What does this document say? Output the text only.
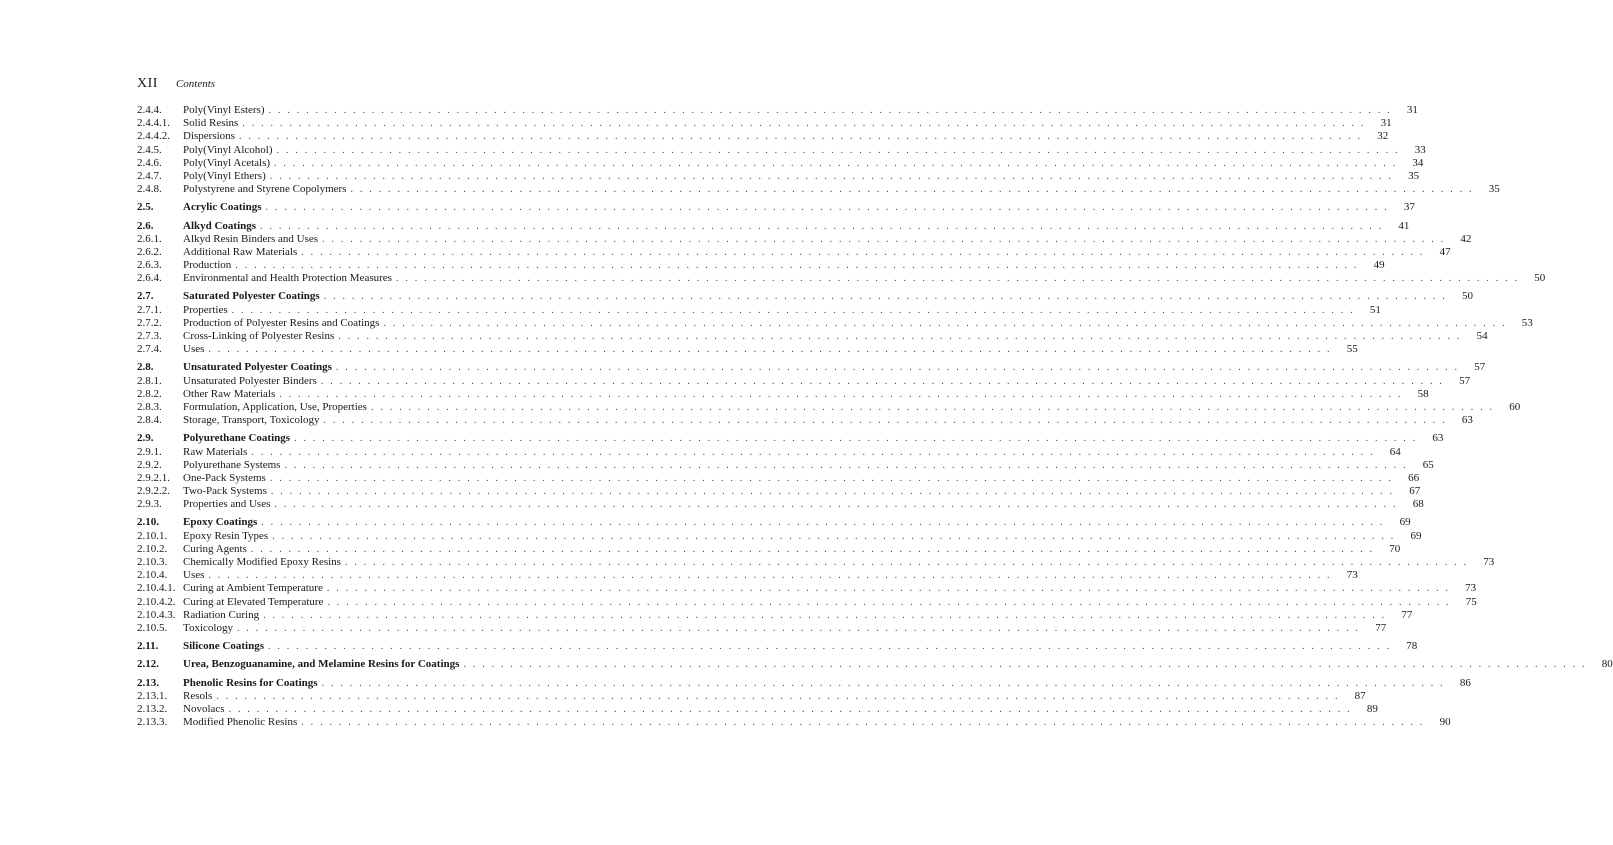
XII Contents
2.4.4.	Poly(Vinyl Esters) . . . . . . . . . . . . . . . . . . . . . . . . . . . . . . . . . . . . . . . . . . . . . . . . . . . . . . . . . . . . . . . . . . . . . . . . . . . . . . . . . . . . . . . . . . . . . . . . . . . . . . . . . . . . . . . . . . . . . . . .	31
2.4.4.1.	Solid Resins . . . . . . . . . . . . . . . . . . . . . . . . . . . . . . . . . . . . . . . . . . . . . . . . . . . . . . . . . . . . . . . . . . . . . . . . . . . . . . . . . . . . . . . . . . . . . . . . . . . . . . . . . . . . . . . . . . . . . . . .	31
2.4.4.2.	Dispersions . . . . . . . . . . . . . . . . . . . . . . . . . . . . . . . . . . . . . . . . . . . . . . . . . . . . . . . . . . . . . . . . . . . . . . . . . . . . . . . . . . . . . . . . . . . . . . . . . . . . . . . . . . . . . . . . . . . . . . . .	32
2.4.5.	Poly(Vinyl Alcohol) . . . . . . . . . . . . . . . . . . . . . . . . . . . . . . . . . . . . . . . . . . . . . . . . . . . . . . . . . . . . . . . . . . . . . . . . . . . . . . . . . . . . . . . . . . . . . . . . . . . . . . . . . . . . . . . . . . . . . . . .	33
2.4.6.	Poly(Vinyl Acetals) . . . . . . . . . . . . . . . . . . . . . . . . . . . . . . . . . . . . . . . . . . . . . . . . . . . . . . . . . . . . . . . . . . . . . . . . . . . . . . . . . . . . . . . . . . . . . . . . . . . . . . . . . . . . . . . . . . . . . . . .	34
2.4.7.	Poly(Vinyl Ethers) . . . . . . . . . . . . . . . . . . . . . . . . . . . . . . . . . . . . . . . . . . . . . . . . . . . . . . . . . . . . . . . . . . . . . . . . . . . . . . . . . . . . . . . . . . . . . . . . . . . . . . . . . . . . . . . . . . . . . . . .	35
2.4.8.	Polystyrene and Styrene Copolymers . . . . . . . . . . . . . . . . . . . . . . . . . . . . . . . . . . . . . . . . . . . . . . . . . . . . . . . . . . . . . . . . . . . . . . . . . . . . . . . . . . . . . . . . . . . . . . . . . . . . . . . . . . . . . . . . . . . . . . . .	35
2.5.	Acrylic Coatings . . . . . . . . . . . . . . . . . . . . . . . . . . . . . . . . . . . . . . . . . . . . . . . . . . . . . . . . . . . . . . . . . . . . . . . . . . . . . . . . . . . . . . . . . . . . . . . . . . . . . . . . . . . . . . . . . . . . . . . .	37
2.6.	Alkyd Coatings . . . . . . . . . . . . . . . . . . . . . . . . . . . . . . . . . . . . . . . . . . . . . . . . . . . . . . . . . . . . . . . . . . . . . . . . . . . . . . . . . . . . . . . . . . . . . . . . . . . . . . . . . . . . . . . . . . . . . . . .	41
2.6.1.	Alkyd Resin Binders and Uses . . . . . . . . . . . . . . . . . . . . . . . . . . . . . . . . . . . . . . . . . . . . . . . . . . . . . . . . . . . . . . . . . . . . . . . . . . . . . . . . . . . . . . . . . . . . . . . . . . . . . . . . . . . . . . . . . . . . . . . .	42
2.6.2.	Additional Raw Materials . . . . . . . . . . . . . . . . . . . . . . . . . . . . . . . . . . . . . . . . . . . . . . . . . . . . . . . . . . . . . . . . . . . . . . . . . . . . . . . . . . . . . . . . . . . . . . . . . . . . . . . . . . . . . . . . . . . . . . . .	47
2.6.3.	Production . . . . . . . . . . . . . . . . . . . . . . . . . . . . . . . . . . . . . . . . . . . . . . . . . . . . . . . . . . . . . . . . . . . . . . . . . . . . . . . . . . . . . . . . . . . . . . . . . . . . . . . . . . . . . . . . . . . . . . . .	49
2.6.4.	Environmental and Health Protection Measures . . . . . . . . . . . . . . . . . . . . . . . . . . . . . . . . . . . . . . . . . . . . . . . . . . . . . . . . . . . . . . . . . . . . . . . . . . . . . . . . . . . . . . . . . . . . . . . . . . . . . . . . . . . . . . . . . . . . . . . .	50
2.7.	Saturated Polyester Coatings . . . . . . . . . . . . . . . . . . . . . . . . . . . . . . . . . . . . . . . . . . . . . . . . . . . . . . . . . . . . . . . . . . . . . . . . . . . . . . . . . . . . . . . . . . . . . . . . . . . . . . . . . . . . . . . . . . . . . . . .	50
2.7.1.	Properties . . . . . . . . . . . . . . . . . . . . . . . . . . . . . . . . . . . . . . . . . . . . . . . . . . . . . . . . . . . . . . . . . . . . . . . . . . . . . . . . . . . . . . . . . . . . . . . . . . . . . . . . . . . . . . . . . . . . . . . .	51
2.7.2.	Production of Polyester Resins and Coatings . . . . . . . . . . . . . . . . . . . . . . . . . . . . . . . . . . . . . . . . . . . . . . . . . . . . . . . . . . . . . . . . . . . . . . . . . . . . . . . . . . . . . . . . . . . . . . . . . . . . . . . . . . . . . . . . . . . . . . . .	53
2.7.3.	Cross-Linking of Polyester Resins . . . . . . . . . . . . . . . . . . . . . . . . . . . . . . . . . . . . . . . . . . . . . . . . . . . . . . . . . . . . . . . . . . . . . . . . . . . . . . . . . . . . . . . . . . . . . . . . . . . . . . . . . . . . . . . . . . . . . . . .	54
2.7.4.	Uses . . . . . . . . . . . . . . . . . . . . . . . . . . . . . . . . . . . . . . . . . . . . . . . . . . . . . . . . . . . . . . . . . . . . . . . . . . . . . . . . . . . . . . . . . . . . . . . . . . . . . . . . . . . . . . . . . . . . . . . .	55
2.8.	Unsaturated Polyester Coatings . . . . . . . . . . . . . . . . . . . . . . . . . . . . . . . . . . . . . . . . . . . . . . . . . . . . . . . . . . . . . . . . . . . . . . . . . . . . . . . . . . . . . . . . . . . . . . . . . . . . . . . . . . . . . . . . . . . . . . . .	57
2.8.1.	Unsaturated Polyester Binders . . . . . . . . . . . . . . . . . . . . . . . . . . . . . . . . . . . . . . . . . . . . . . . . . . . . . . . . . . . . . . . . . . . . . . . . . . . . . . . . . . . . . . . . . . . . . . . . . . . . . . . . . . . . . . . . . . . . . . . .	57
2.8.2.	Other Raw Materials . . . . . . . . . . . . . . . . . . . . . . . . . . . . . . . . . . . . . . . . . . . . . . . . . . . . . . . . . . . . . . . . . . . . . . . . . . . . . . . . . . . . . . . . . . . . . . . . . . . . . . . . . . . . . . . . . . . . . . . .	58
2.8.3.	Formulation, Application, Use, Properties . . . . . . . . . . . . . . . . . . . . . . . . . . . . . . . . . . . . . . . . . . . . . . . . . . . . . . . . . . . . . . . . . . . . . . . . . . . . . . . . . . . . . . . . . . . . . . . . . . . . . . . . . . . . . . . . . . . . . . . .	60
2.8.4.	Storage, Transport, Toxicology . . . . . . . . . . . . . . . . . . . . . . . . . . . . . . . . . . . . . . . . . . . . . . . . . . . . . . . . . . . . . . . . . . . . . . . . . . . . . . . . . . . . . . . . . . . . . . . . . . . . . . . . . . . . . . . . . . . . . . . .	63
2.9.	Polyurethane Coatings . . . . . . . . . . . . . . . . . . . . . . . . . . . . . . . . . . . . . . . . . . . . . . . . . . . . . . . . . . . . . . . . . . . . . . . . . . . . . . . . . . . . . . . . . . . . . . . . . . . . . . . . . . . . . . . . . . . . . . . .	63
2.9.1.	Raw Materials . . . . . . . . . . . . . . . . . . . . . . . . . . . . . . . . . . . . . . . . . . . . . . . . . . . . . . . . . . . . . . . . . . . . . . . . . . . . . . . . . . . . . . . . . . . . . . . . . . . . . . . . . . . . . . . . . . . . . . . .	64
2.9.2.	Polyurethane Systems . . . . . . . . . . . . . . . . . . . . . . . . . . . . . . . . . . . . . . . . . . . . . . . . . . . . . . . . . . . . . . . . . . . . . . . . . . . . . . . . . . . . . . . . . . . . . . . . . . . . . . . . . . . . . . . . . . . . . . . .	65
2.9.2.1.	One-Pack Systems . . . . . . . . . . . . . . . . . . . . . . . . . . . . . . . . . . . . . . . . . . . . . . . . . . . . . . . . . . . . . . . . . . . . . . . . . . . . . . . . . . . . . . . . . . . . . . . . . . . . . . . . . . . . . . . . . . . . . . . .	66
2.9.2.2.	Two-Pack Systems . . . . . . . . . . . . . . . . . . . . . . . . . . . . . . . . . . . . . . . . . . . . . . . . . . . . . . . . . . . . . . . . . . . . . . . . . . . . . . . . . . . . . . . . . . . . . . . . . . . . . . . . . . . . . . . . . . . . . . . .	67
2.9.3.	Properties and Uses . . . . . . . . . . . . . . . . . . . . . . . . . . . . . . . . . . . . . . . . . . . . . . . . . . . . . . . . . . . . . . . . . . . . . . . . . . . . . . . . . . . . . . . . . . . . . . . . . . . . . . . . . . . . . . . . . . . . . . . .	68
2.10.	Epoxy Coatings . . . . . . . . . . . . . . . . . . . . . . . . . . . . . . . . . . . . . . . . . . . . . . . . . . . . . . . . . . . . . . . . . . . . . . . . . . . . . . . . . . . . . . . . . . . . . . . . . . . . . . . . . . . . . . . . . . . . . . . .	69
2.10.1.	Epoxy Resin Types . . . . . . . . . . . . . . . . . . . . . . . . . . . . . . . . . . . . . . . . . . . . . . . . . . . . . . . . . . . . . . . . . . . . . . . . . . . . . . . . . . . . . . . . . . . . . . . . . . . . . . . . . . . . . . . . . . . . . . . .	69
2.10.2.	Curing Agents . . . . . . . . . . . . . . . . . . . . . . . . . . . . . . . . . . . . . . . . . . . . . . . . . . . . . . . . . . . . . . . . . . . . . . . . . . . . . . . . . . . . . . . . . . . . . . . . . . . . . . . . . . . . . . . . . . . . . . . .	70
2.10.3.	Chemically Modified Epoxy Resins . . . . . . . . . . . . . . . . . . . . . . . . . . . . . . . . . . . . . . . . . . . . . . . . . . . . . . . . . . . . . . . . . . . . . . . . . . . . . . . . . . . . . . . . . . . . . . . . . . . . . . . . . . . . . . . . . . . . . . . .	73
2.10.4.	Uses . . . . . . . . . . . . . . . . . . . . . . . . . . . . . . . . . . . . . . . . . . . . . . . . . . . . . . . . . . . . . . . . . . . . . . . . . . . . . . . . . . . . . . . . . . . . . . . . . . . . . . . . . . . . . . . . . . . . . . . .	73
2.10.4.1. Curing at Ambient Temperature . . . . . . . . . . . . . . . . . . . . . . . . . . . . . . . . . . . . . . . . . . . . . . . . . . . . . . . . . . . . . . . . . . . . . . . . . . . . . . . . . . . . . . . . . . . . . . . . . . . . . . . . . . . . . . . . . . . . . . . .	73
2.10.4.2. Curing at Elevated Temperature . . . . . . . . . . . . . . . . . . . . . . . . . . . . . . . . . . . . . . . . . . . . . . . . . . . . . . . . . . . . . . . . . . . . . . . . . . . . . . . . . . . . . . . . . . . . . . . . . . . . . . . . . . . . . . . . . . . . . . . .	75
2.10.4.3. Radiation Curing . . . . . . . . . . . . . . . . . . . . . . . . . . . . . . . . . . . . . . . . . . . . . . . . . . . . . . . . . . . . . . . . . . . . . . . . . . . . . . . . . . . . . . . . . . . . . . . . . . . . . . . . . . . . . . . . . . . . . . . .	77
2.10.5.	Toxicology . . . . . . . . . . . . . . . . . . . . . . . . . . . . . . . . . . . . . . . . . . . . . . . . . . . . . . . . . . . . . . . . . . . . . . . . . . . . . . . . . . . . . . . . . . . . . . . . . . . . . . . . . . . . . . . . . . . . . . . .	77
2.11.	Silicone Coatings . . . . . . . . . . . . . . . . . . . . . . . . . . . . . . . . . . . . . . . . . . . . . . . . . . . . . . . . . . . . . . . . . . . . . . . . . . . . . . . . . . . . . . . . . . . . . . . . . . . . . . . . . . . . . . . . . . . . . . . .	78
2.12.	Urea, Benzoguanamine, and Melamine Resins for Coatings . . . . . . . . . . . . . . . . . . . . . . . . . . . . . . . . . . . . . . . . . . . . . . . . . . . . . . . . . . . . . . . . . . . . . . . . . . . . . . . . . . . . . . . . . . . . . . . . . . . . . . . . . . . . . . . . . . . . . . . .	80
2.13.	Phenolic Resins for Coatings . . . . . . . . . . . . . . . . . . . . . . . . . . . . . . . . . . . . . . . . . . . . . . . . . . . . . . . . . . . . . . . . . . . . . . . . . . . . . . . . . . . . . . . . . . . . . . . . . . . . . . . . . . . . . . . . . . . . . . . .	86
2.13.1.	Resols . . . . . . . . . . . . . . . . . . . . . . . . . . . . . . . . . . . . . . . . . . . . . . . . . . . . . . . . . . . . . . . . . . . . . . . . . . . . . . . . . . . . . . . . . . . . . . . . . . . . . . . . . . . . . . . . . . . . . . . .	87
2.13.2.	Novolacs . . . . . . . . . . . . . . . . . . . . . . . . . . . . . . . . . . . . . . . . . . . . . . . . . . . . . . . . . . . . . . . . . . . . . . . . . . . . . . . . . . . . . . . . . . . . . . . . . . . . . . . . . . . . . . . . . . . . . . . .	89
2.13.3.	Modified Phenolic Resins . . . . . . . . . . . . . . . . . . . . . . . . . . . . . . . . . . . . . . . . . . . . . . . . . . . . . . . . . . . . . . . . . . . . . . . . . . . . . . . . . . . . . . . . . . . . . . . . . . . . . . . . . . . . . . . . . . . . . . . .	90
